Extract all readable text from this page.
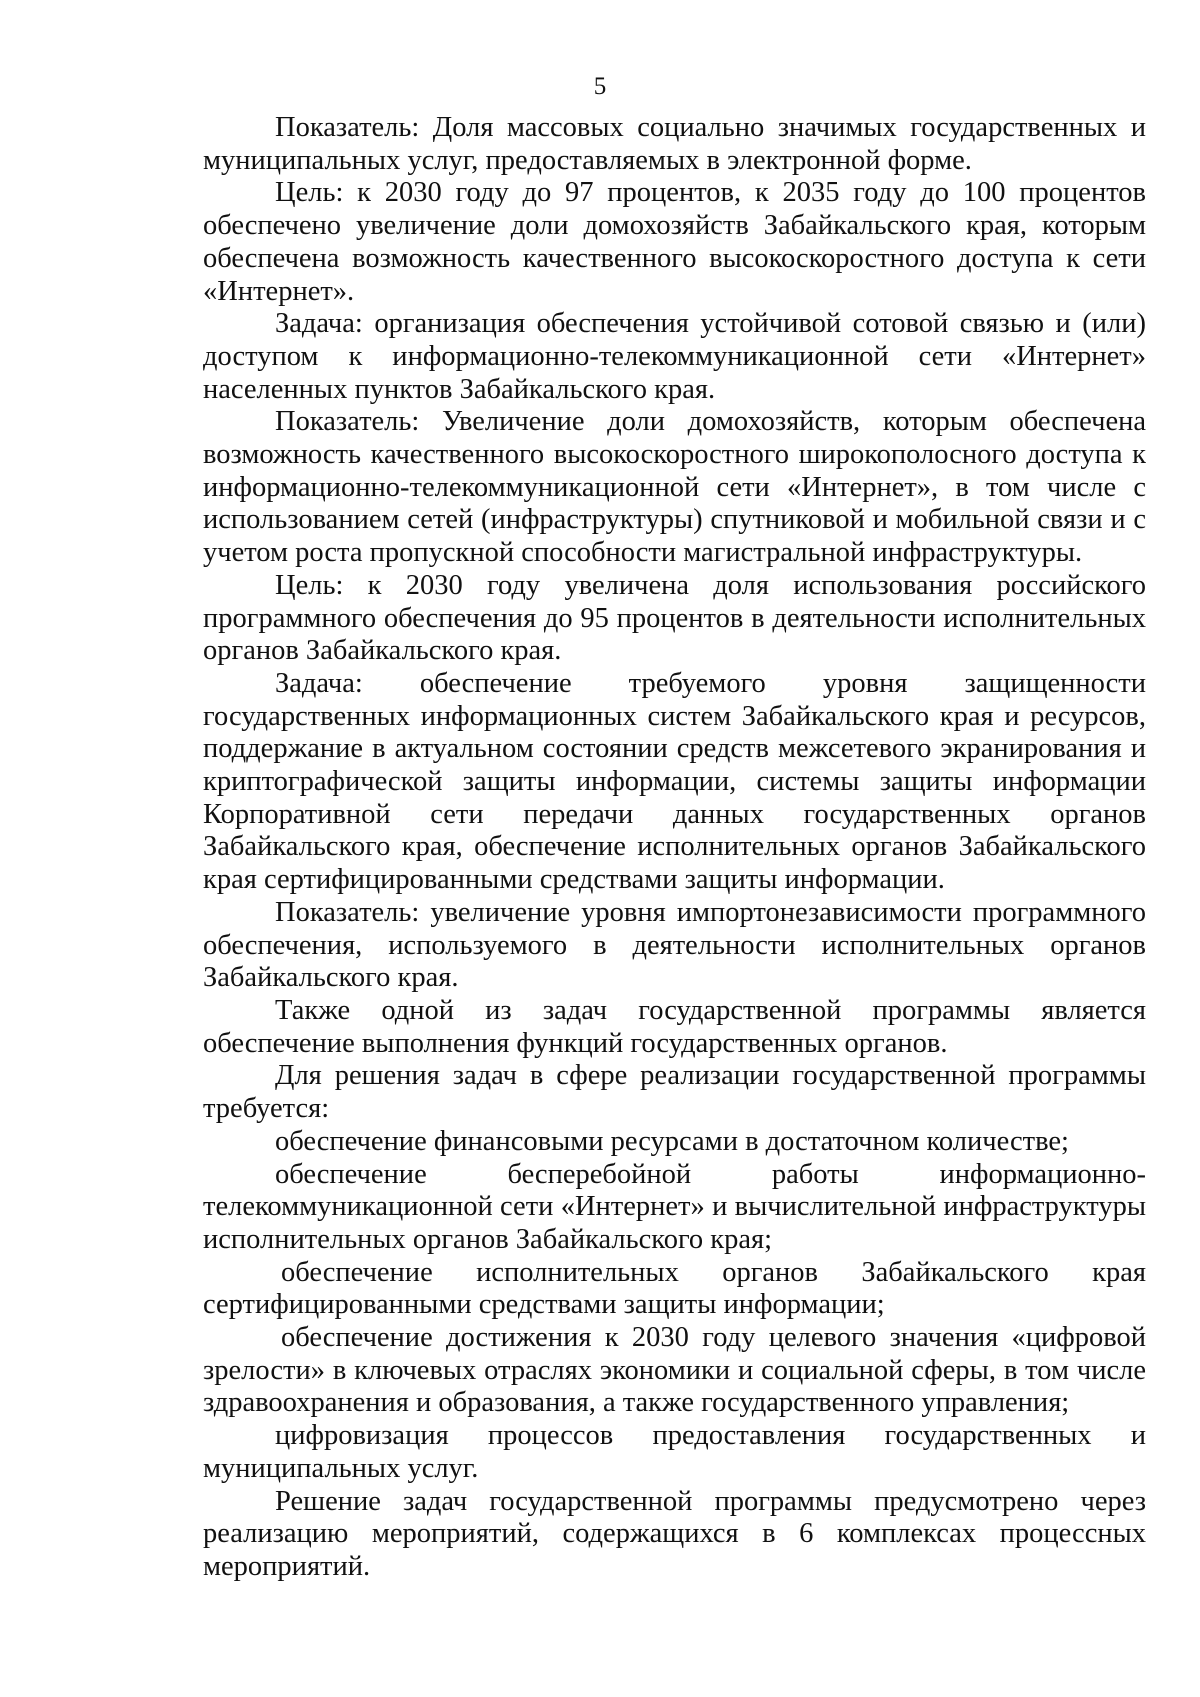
5

Показатель: Доля массовых социально значимых государственных и муниципальных услуг, предоставляемых в электронной форме.

Цель: к 2030 году до 97 процентов, к 2035 году до 100 процентов обеспечено увеличение доли домохозяйств Забайкальского края, которым обеспечена возможность качественного высокоскоростного доступа к сети «Интернет».

Задача: организация обеспечения устойчивой сотовой связью и (или) доступом к информационно-телекоммуникационной сети «Интернет» населенных пунктов Забайкальского края.

Показатель: Увеличение доли домохозяйств, которым обеспечена возможность качественного высокоскоростного широкополосного доступа к информационно-телекоммуникационной сети «Интернет», в том числе с использованием сетей (инфраструктуры) спутниковой и мобильной связи и с учетом роста пропускной способности магистральной инфраструктуры.

Цель: к 2030 году увеличена доля использования российского программного обеспечения до 95 процентов в деятельности исполнительных органов Забайкальского края.

Задача: обеспечение требуемого уровня защищенности государственных информационных систем Забайкальского края и ресурсов, поддержание в актуальном состоянии средств межсетевого экранирования и криптографической защиты информации, системы защиты информации Корпоративной сети передачи данных государственных органов Забайкальского края, обеспечение исполнительных органов Забайкальского края сертифицированными средствами защиты информации.

Показатель: увеличение уровня импортонезависимости программного обеспечения, используемого в деятельности исполнительных органов Забайкальского края.

Также одной из задач государственной программы является обеспечение выполнения функций государственных органов.

Для решения задач в сфере реализации государственной программы требуется:

обеспечение финансовыми ресурсами в достаточном количестве;

обеспечение бесперебойной работы информационно-телекоммуникационной сети «Интернет» и вычислительной инфраструктуры исполнительных органов Забайкальского края;

обеспечение исполнительных органов Забайкальского края сертифицированными средствами защиты информации;

обеспечение достижения к 2030 году целевого значения «цифровой зрелости» в ключевых отраслях экономики и социальной сферы, в том числе здравоохранения и образования, а также государственного управления;

цифровизация процессов предоставления государственных и муниципальных услуг.

Решение задач государственной программы предусмотрено через реализацию мероприятий, содержащихся в 6 комплексах процессных мероприятий.
